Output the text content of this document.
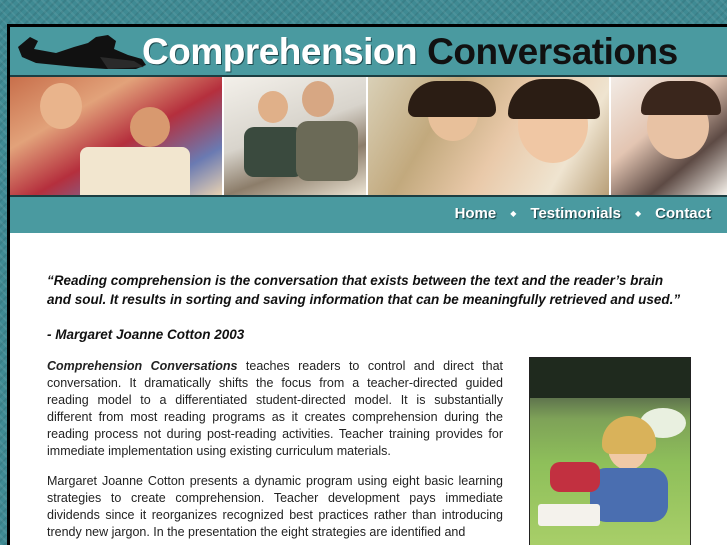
Comprehension Conversations
Home ◆ Testimonials ◆ Contact
“Reading comprehension is the conversation that exists between the text and the reader’s brain and soul. It results in sorting and saving information that can be meaningfully retrieved and used.”
- Margaret Joanne Cotton 2003

Comprehension Conversations teaches readers to control and direct that conversation. It dramatically shifts the focus from a teacher-directed guided reading model to a differentiated student-directed model. It is substantially different from most reading programs as it creates comprehension during the reading process not during post-reading activities. Teacher training provides for immediate implementation using existing curriculum materials.

Margaret Joanne Cotton presents a dynamic program using eight basic learning strategies to create comprehension. Teacher development pays immediate dividends since it reorganizes recognized best practices rather than introducing trendy new jargon. In the presentation the eight strategies are identified and
